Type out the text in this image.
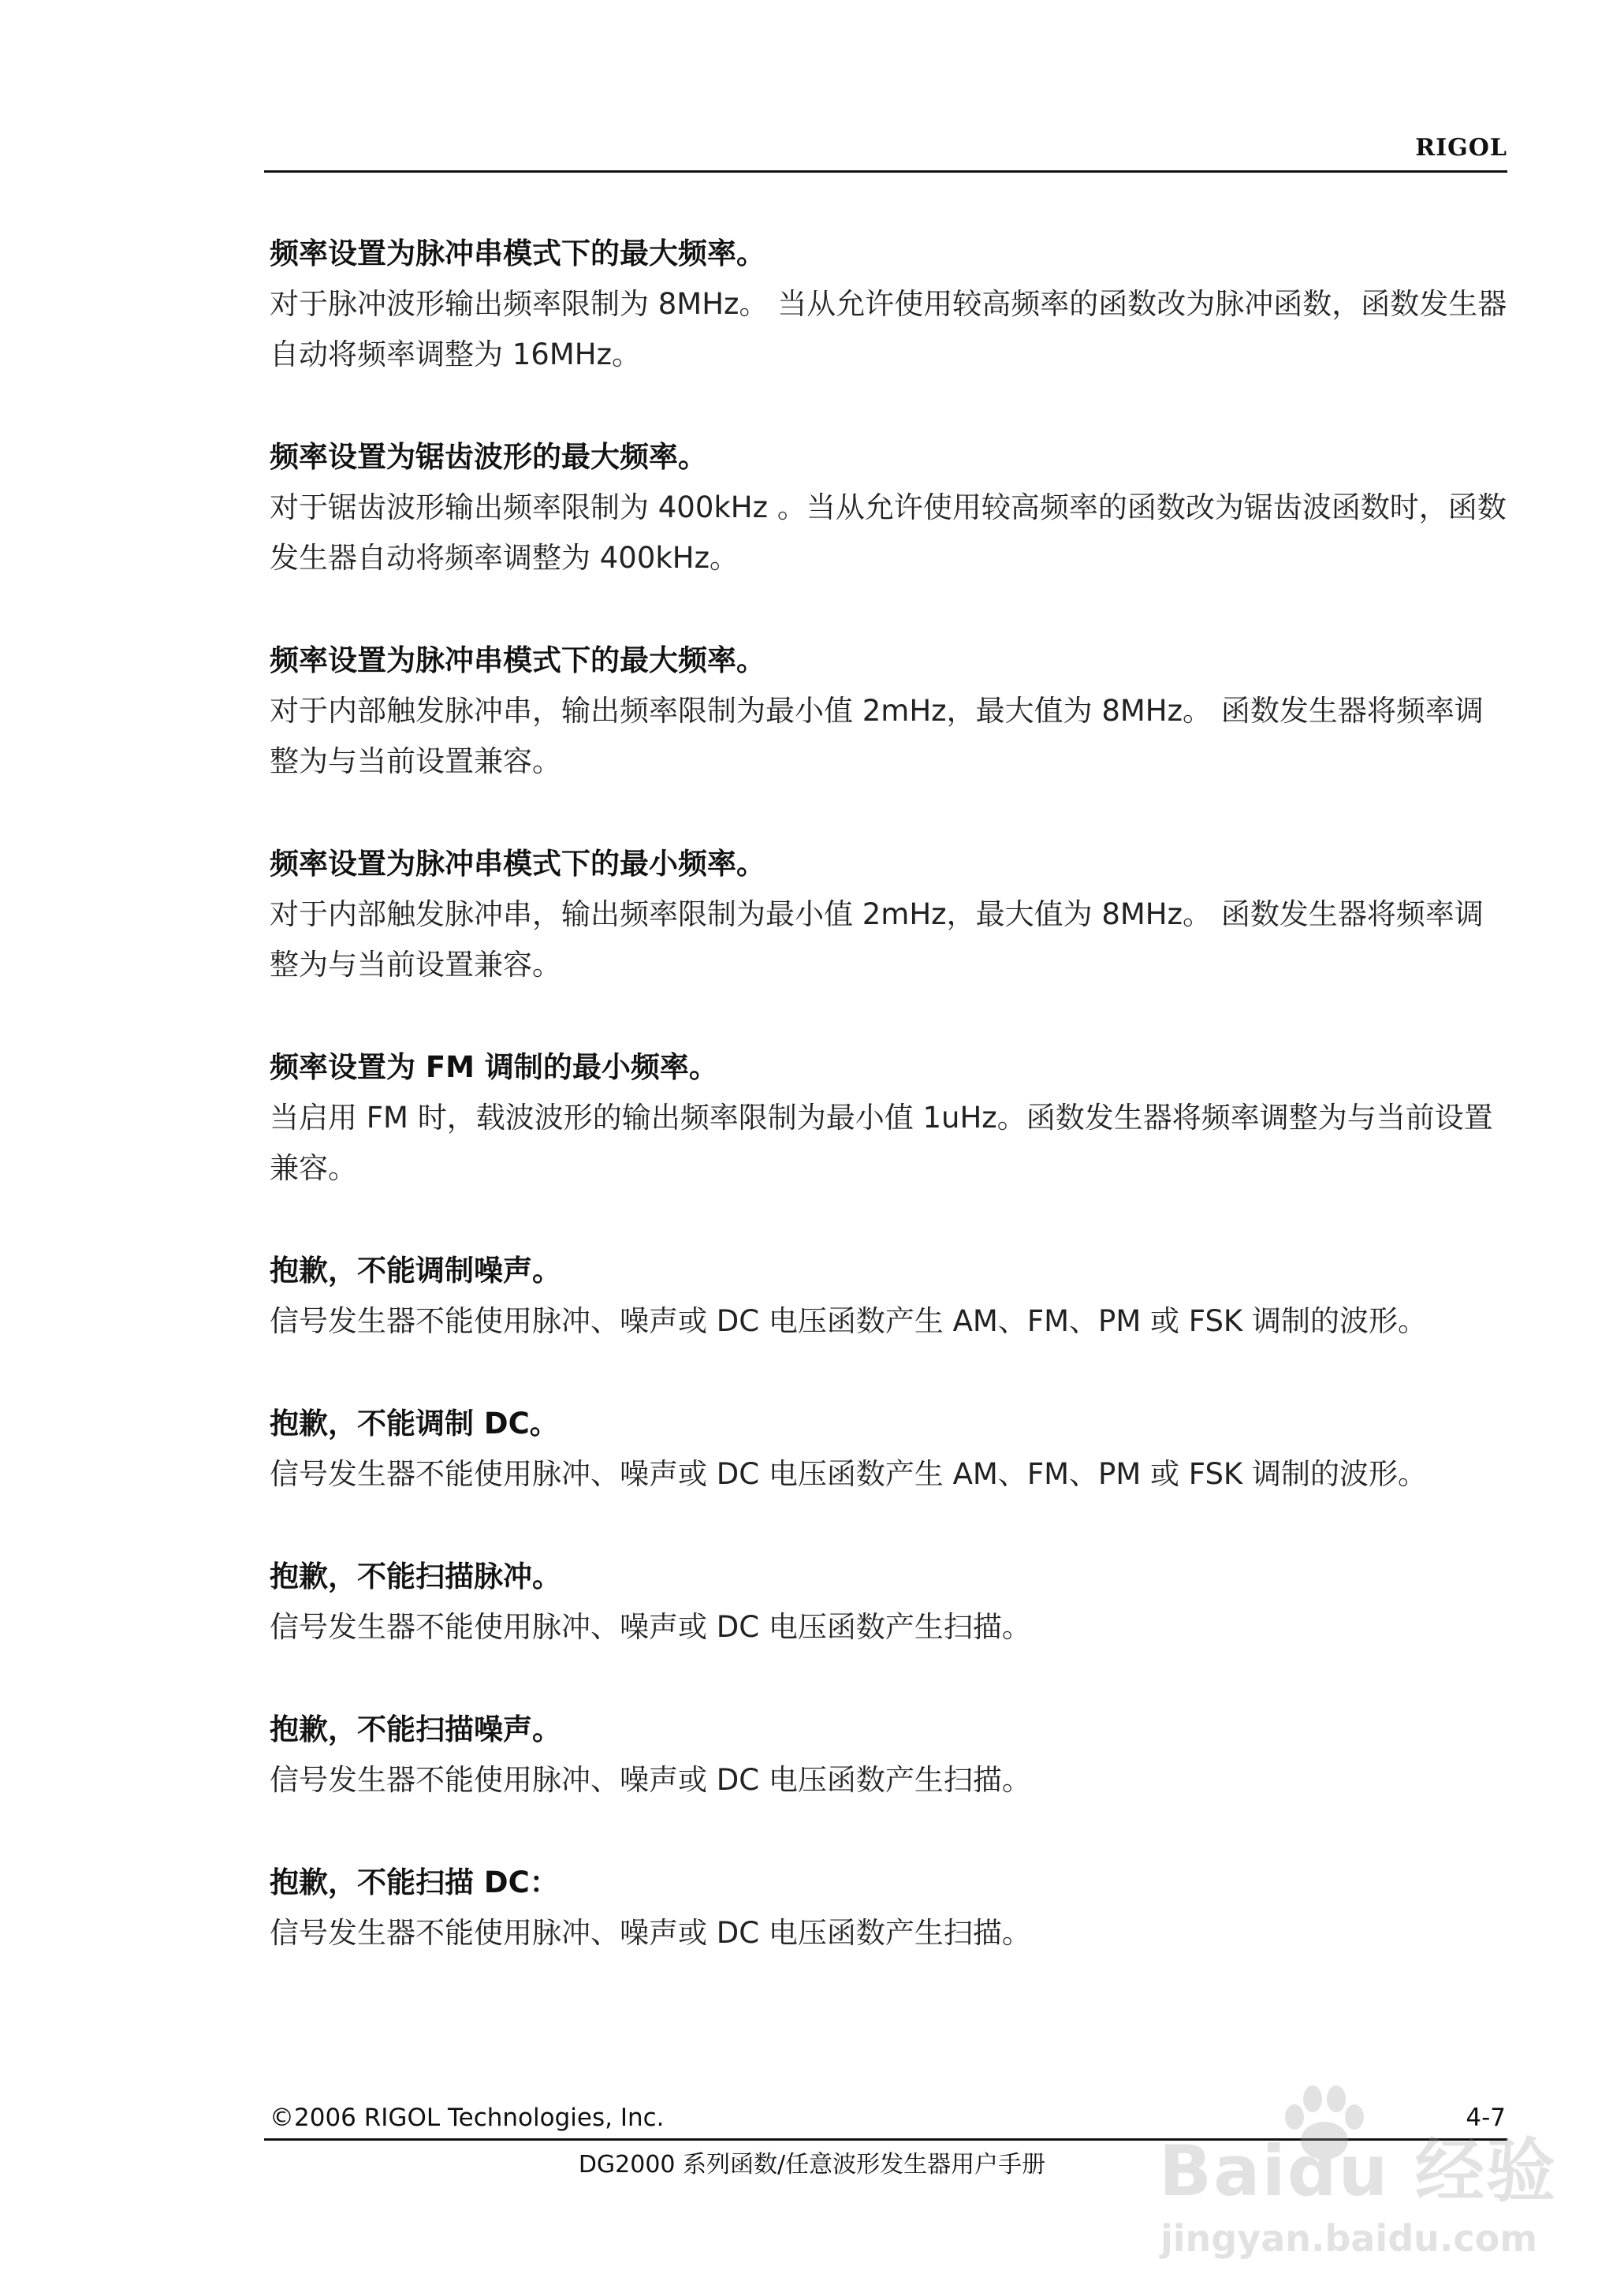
RIGOL
频率设置为脉冲串模式下的最大频率。
对于脉冲波形输出频率限制为 8MHz。 当从允许使用较高频率的函数改为脉冲函数，函数发生器自动将频率调整为 16MHz。
频率设置为锯齿波形的最大频率。
对于锯齿波形输出频率限制为 400kHz 。当从允许使用较高频率的函数改为锯齿波函数时，函数发生器自动将频率调整为 400kHz。
频率设置为脉冲串模式下的最大频率。
对于内部触发脉冲串，输出频率限制为最小值 2mHz，最大值为 8MHz。 函数发生器将频率调整为与当前设置兼容。
频率设置为脉冲串模式下的最小频率。
对于内部触发脉冲串，输出频率限制为最小值 2mHz，最大值为 8MHz。 函数发生器将频率调整为与当前设置兼容。
频率设置为 FM 调制的最小频率。
当启用 FM 时，载波波形的输出频率限制为最小值 1uHz。函数发生器将频率调整为与当前设置兼容。
抱歉，不能调制噪声。
信号发生器不能使用脉冲、噪声或 DC 电压函数产生 AM、FM、PM 或 FSK 调制的波形。
抱歉，不能调制 DC。
信号发生器不能使用脉冲、噪声或 DC 电压函数产生 AM、FM、PM 或 FSK 调制的波形。
抱歉，不能扫描脉冲。
信号发生器不能使用脉冲、噪声或 DC 电压函数产生扫描。
抱歉，不能扫描噪声。
信号发生器不能使用脉冲、噪声或 DC 电压函数产生扫描。
抱歉，不能扫描 DC：
信号发生器不能使用脉冲、噪声或 DC 电压函数产生扫描。
©2006 RIGOL Technologies, Inc.	4-7
DG2000 系列函数/任意波形发生器用户手册	Baidu 经验
jingyan.baidu.com
